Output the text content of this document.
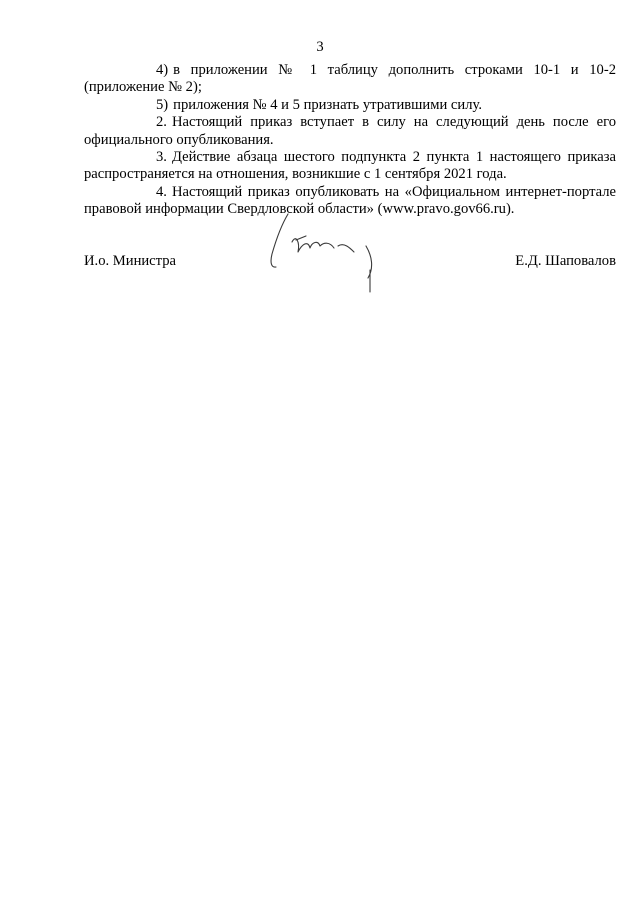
3

4) в приложении № 1 таблицу дополнить строками 10-1 и 10-2 (приложение № 2);

5) приложения № 4 и 5 признать утратившими силу.

2. Настоящий приказ вступает в силу на следующий день после его официального опубликования.

3. Действие абзаца шестого подпункта 2 пункта 1 настоящего приказа распространяется на отношения, возникшие с 1 сентября 2021 года.

4. Настоящий приказ опубликовать на «Официальном интернет-портале правовой информации Свердловской области» (www.pravo.gov66.ru).

И.о. Министра	Е.Д. Шаповалов
